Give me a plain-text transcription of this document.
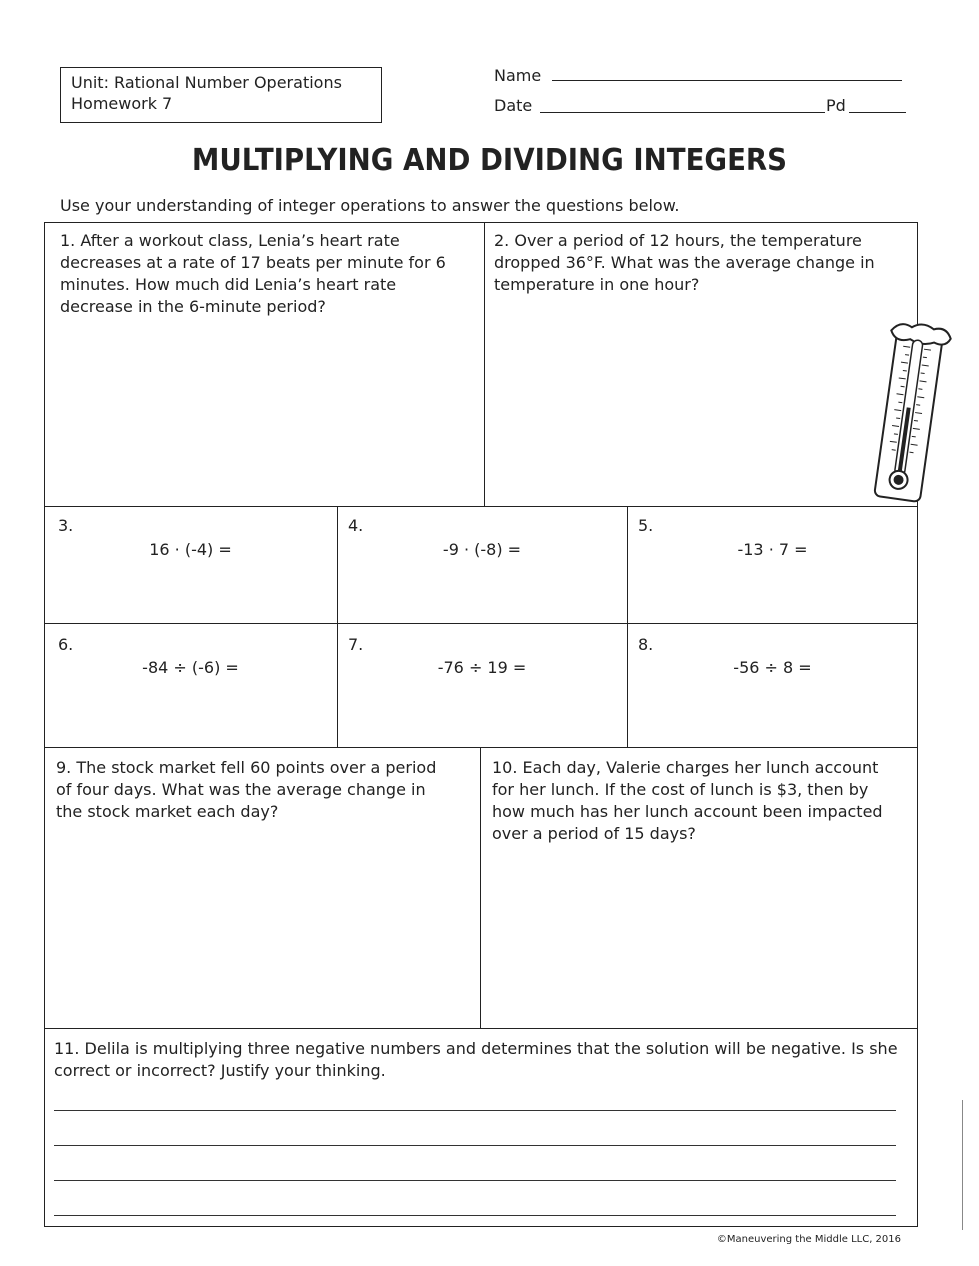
Unit: Rational Number Operations
Homework 7
Name
Date	Pd
MULTIPLYING AND DIVIDING INTEGERS
Use your understanding of integer operations to answer the questions below.
1. After a workout class, Lenia’s heart rate decreases at a rate of 17 beats per minute for 6 minutes. How much did Lenia’s heart rate decrease in the 6-minute period?
2. Over a period of 12 hours, the temperature dropped 36°F. What was the average change in temperature in one hour?
3.
16 · (-4) =
4.
-9 · (-8) =
5.
-13 · 7 =
6.
-84 ÷ (-6) =
7.
-76 ÷ 19 =
8.
-56 ÷ 8 =
9. The stock market fell 60 points over a period of four days. What was the average change in the stock market each day?
10. Each day, Valerie charges her lunch account for her lunch. If the cost of lunch is $3, then by how much has her lunch account been impacted over a period of 15 days?
11. Delila is multiplying three negative numbers and determines that the solution will be negative. Is she correct or incorrect? Justify your thinking.
©Maneuvering the Middle LLC, 2016
